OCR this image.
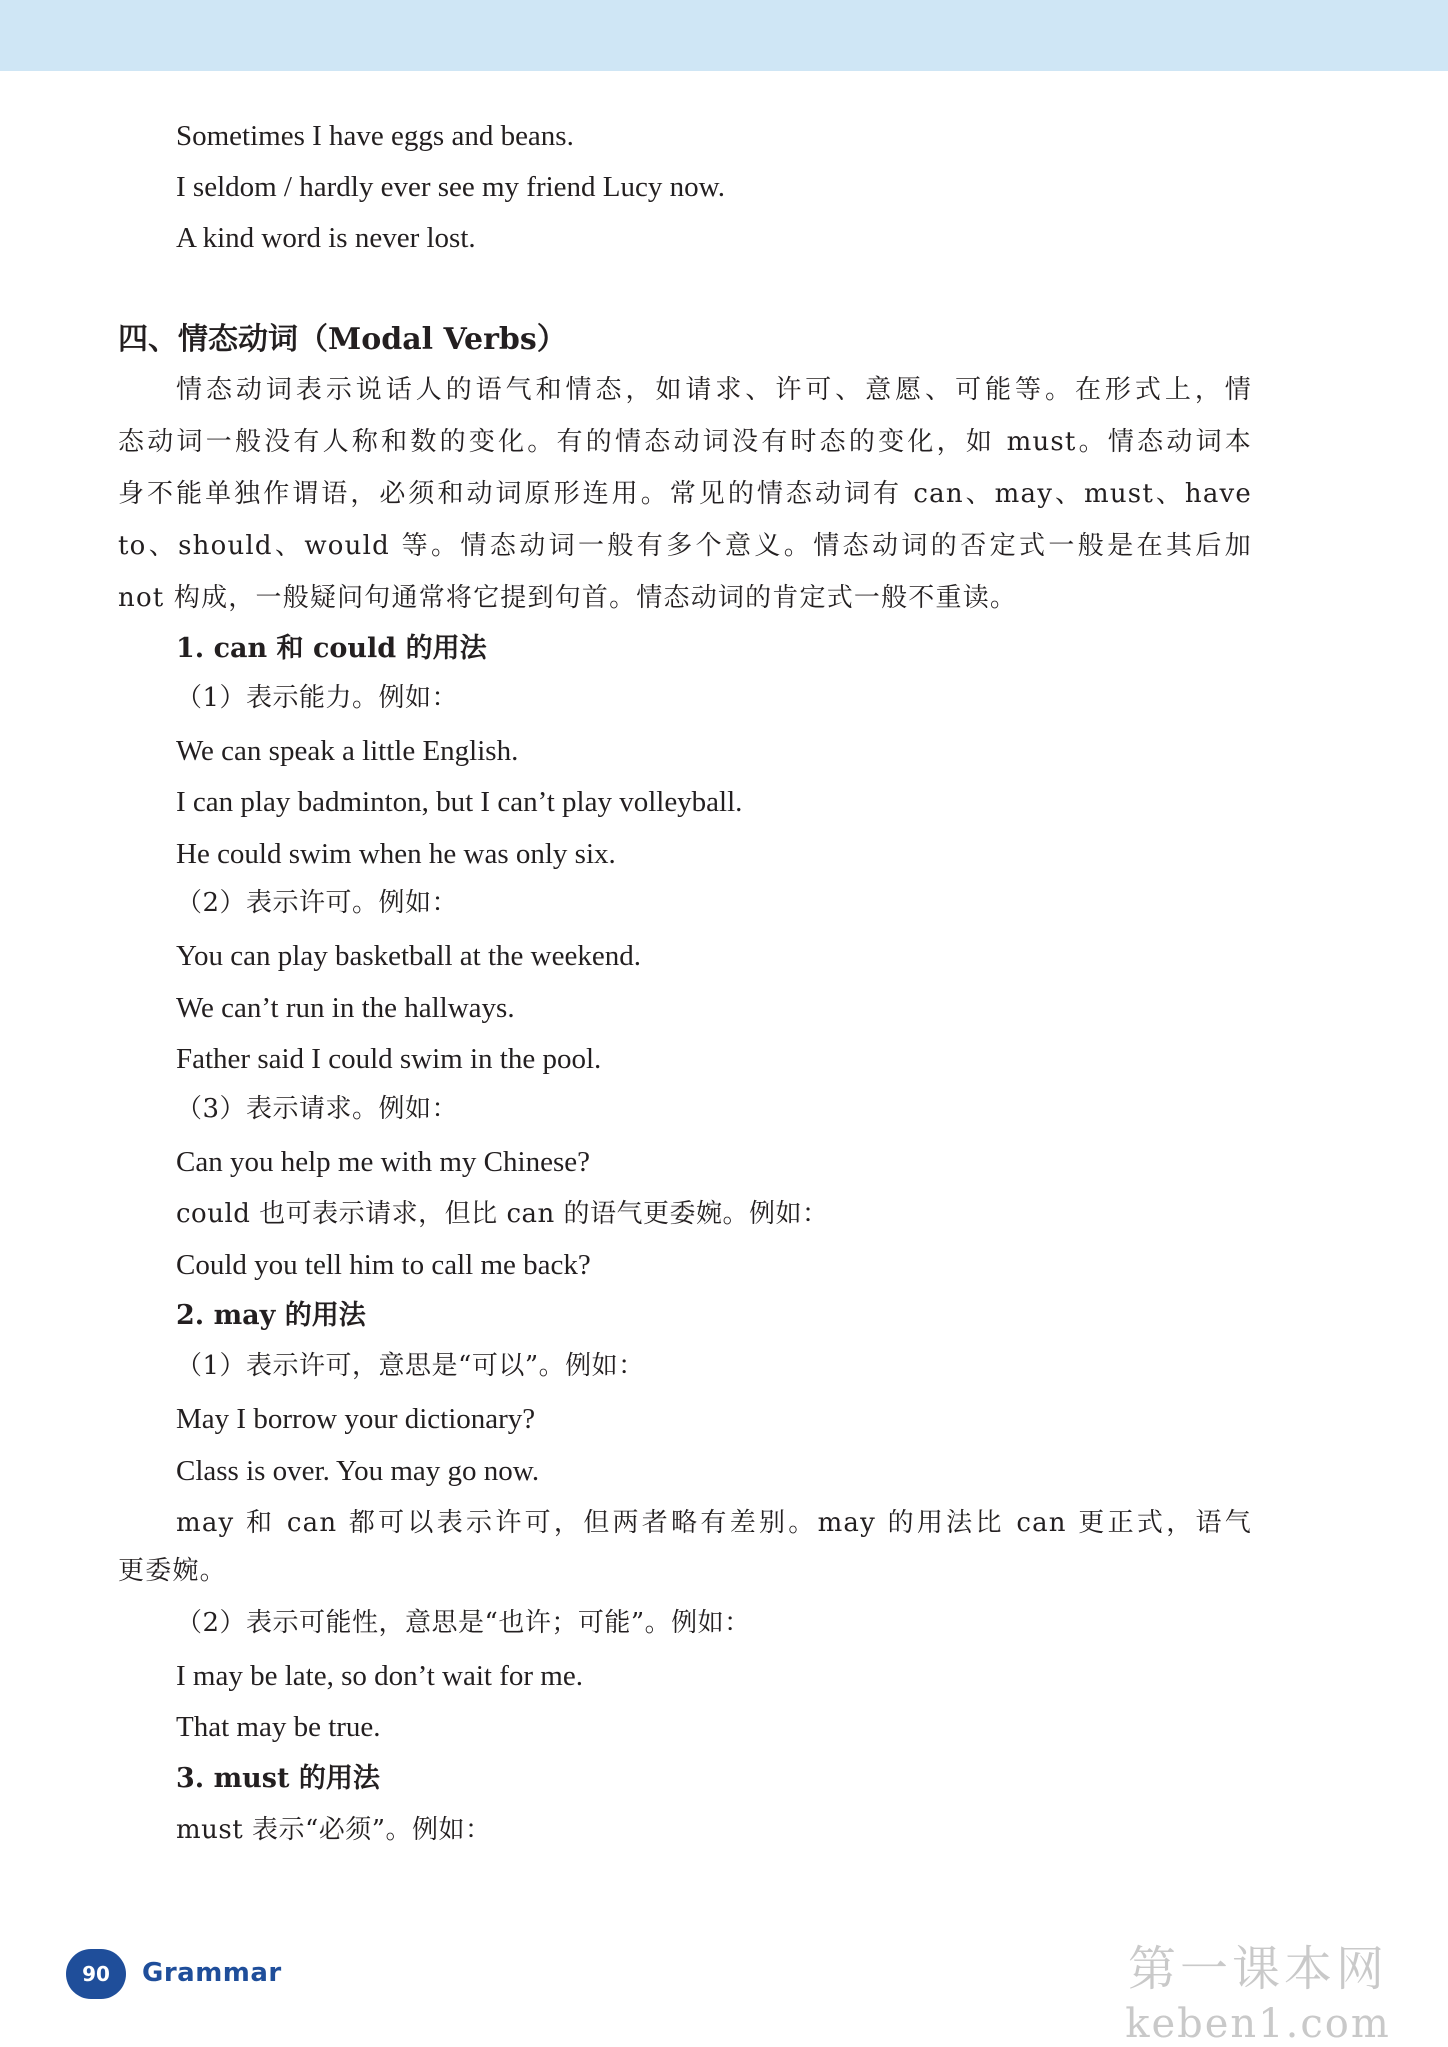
Sometimes I have eggs and beans.
I seldom / hardly ever see my friend Lucy now.
A kind word is never lost.
四、情态动词（Modal Verbs）
情态动词表示说话人的语气和情态，如请求、许可、意愿、可能等。在形式上，情
态动词一般没有人称和数的变化。有的情态动词没有时态的变化，如 must。情态动词本
身不能单独作谓语，必须和动词原形连用。常见的情态动词有 can、may、must、have
to、should、would 等。情态动词一般有多个意义。情态动词的否定式一般是在其后加
not 构成，一般疑问句通常将它提到句首。情态动词的肯定式一般不重读。
1. can 和 could 的用法
（1）表示能力。例如：
We can speak a little English.
I can play badminton, but I can’t play volleyball.
He could swim when he was only six.
（2）表示许可。例如：
You can play basketball at the weekend.
We can’t run in the hallways.
Father said I could swim in the pool.
（3）表示请求。例如：
Can you help me with my Chinese?
could 也可表示请求，但比 can 的语气更委婉。例如：
Could you tell him to call me back?
2. may 的用法
（1）表示许可，意思是“可以”。例如：
May I borrow your dictionary?
Class is over. You may go now.
may 和 can 都可以表示许可，但两者略有差别。may 的用法比 can 更正式，语气
更委婉。
（2）表示可能性，意思是“也许；可能”。例如：
I may be late, so don’t wait for me.
That may be true.
3. must 的用法
must 表示“必须”。例如：
90 Grammar	第一课本网
keben1.com
